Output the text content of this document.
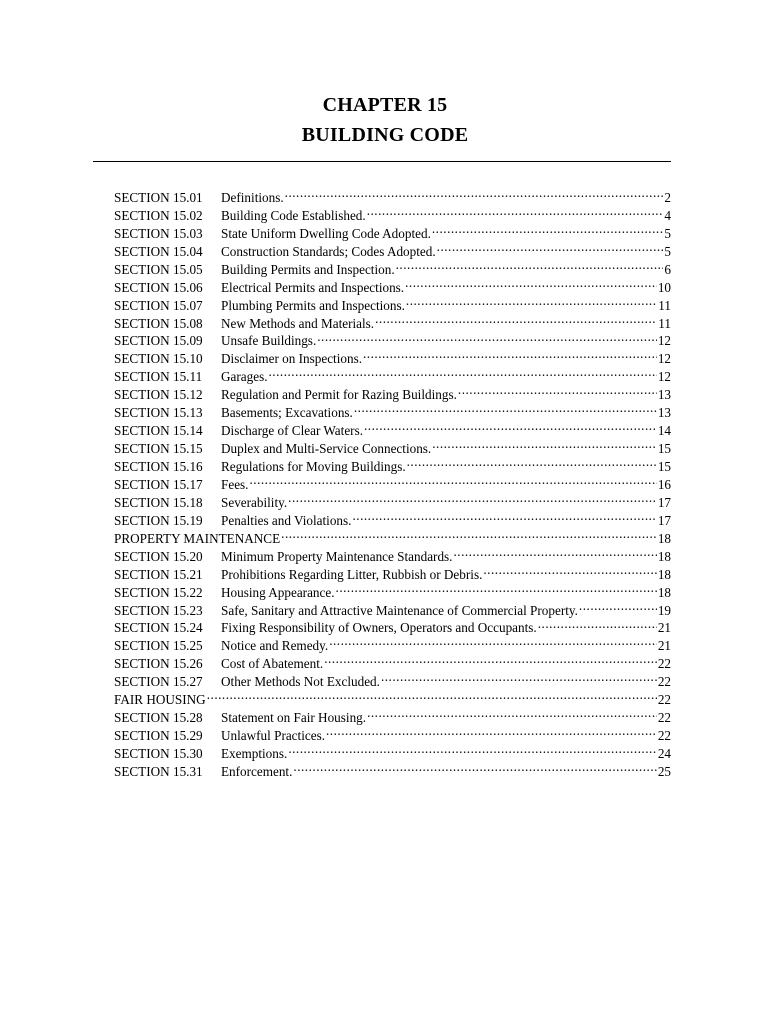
CHAPTER 15
BUILDING CODE
SECTION 15.01	Definitions. .....	2
SECTION 15.02	Building Code Established. .....	4
SECTION 15.03	State Uniform Dwelling Code Adopted. .....	5
SECTION 15.04	Construction Standards; Codes Adopted. .....	5
SECTION 15.05	Building Permits and Inspection. .....	6
SECTION 15.06	Electrical Permits and Inspections. .....	10
SECTION 15.07	Plumbing Permits and Inspections. .....	11
SECTION 15.08	New Methods and Materials. .....	11
SECTION 15.09	Unsafe Buildings. .....	12
SECTION 15.10	Disclaimer on Inspections. .....	12
SECTION 15.11	Garages. .....	12
SECTION 15.12	Regulation and Permit for Razing Buildings. .....	13
SECTION 15.13	Basements; Excavations. .....	13
SECTION 15.14	Discharge of Clear Waters. .....	14
SECTION 15.15	Duplex and Multi-Service Connections. .....	15
SECTION 15.16	Regulations for Moving Buildings. .....	15
SECTION 15.17	Fees. .....	16
SECTION 15.18	Severability. .....	17
SECTION 15.19	Penalties and Violations. .....	17
PROPERTY MAINTENANCE .....	18
SECTION 15.20	Minimum Property Maintenance Standards. .....	18
SECTION 15.21	Prohibitions Regarding Litter, Rubbish or Debris. .....	18
SECTION 15.22	Housing Appearance. .....	18
SECTION 15.23	Safe, Sanitary and Attractive Maintenance of Commercial Property. .....	19
SECTION 15.24	Fixing Responsibility of Owners, Operators and Occupants. .....	21
SECTION 15.25	Notice and Remedy. .....	21
SECTION 15.26	Cost of Abatement. .....	22
SECTION 15.27	Other Methods Not Excluded. .....	22
FAIR HOUSING .....	22
SECTION 15.28	Statement on Fair Housing. .....	22
SECTION 15.29	Unlawful Practices. .....	22
SECTION 15.30	Exemptions. .....	24
SECTION 15.31	Enforcement. .....	25
